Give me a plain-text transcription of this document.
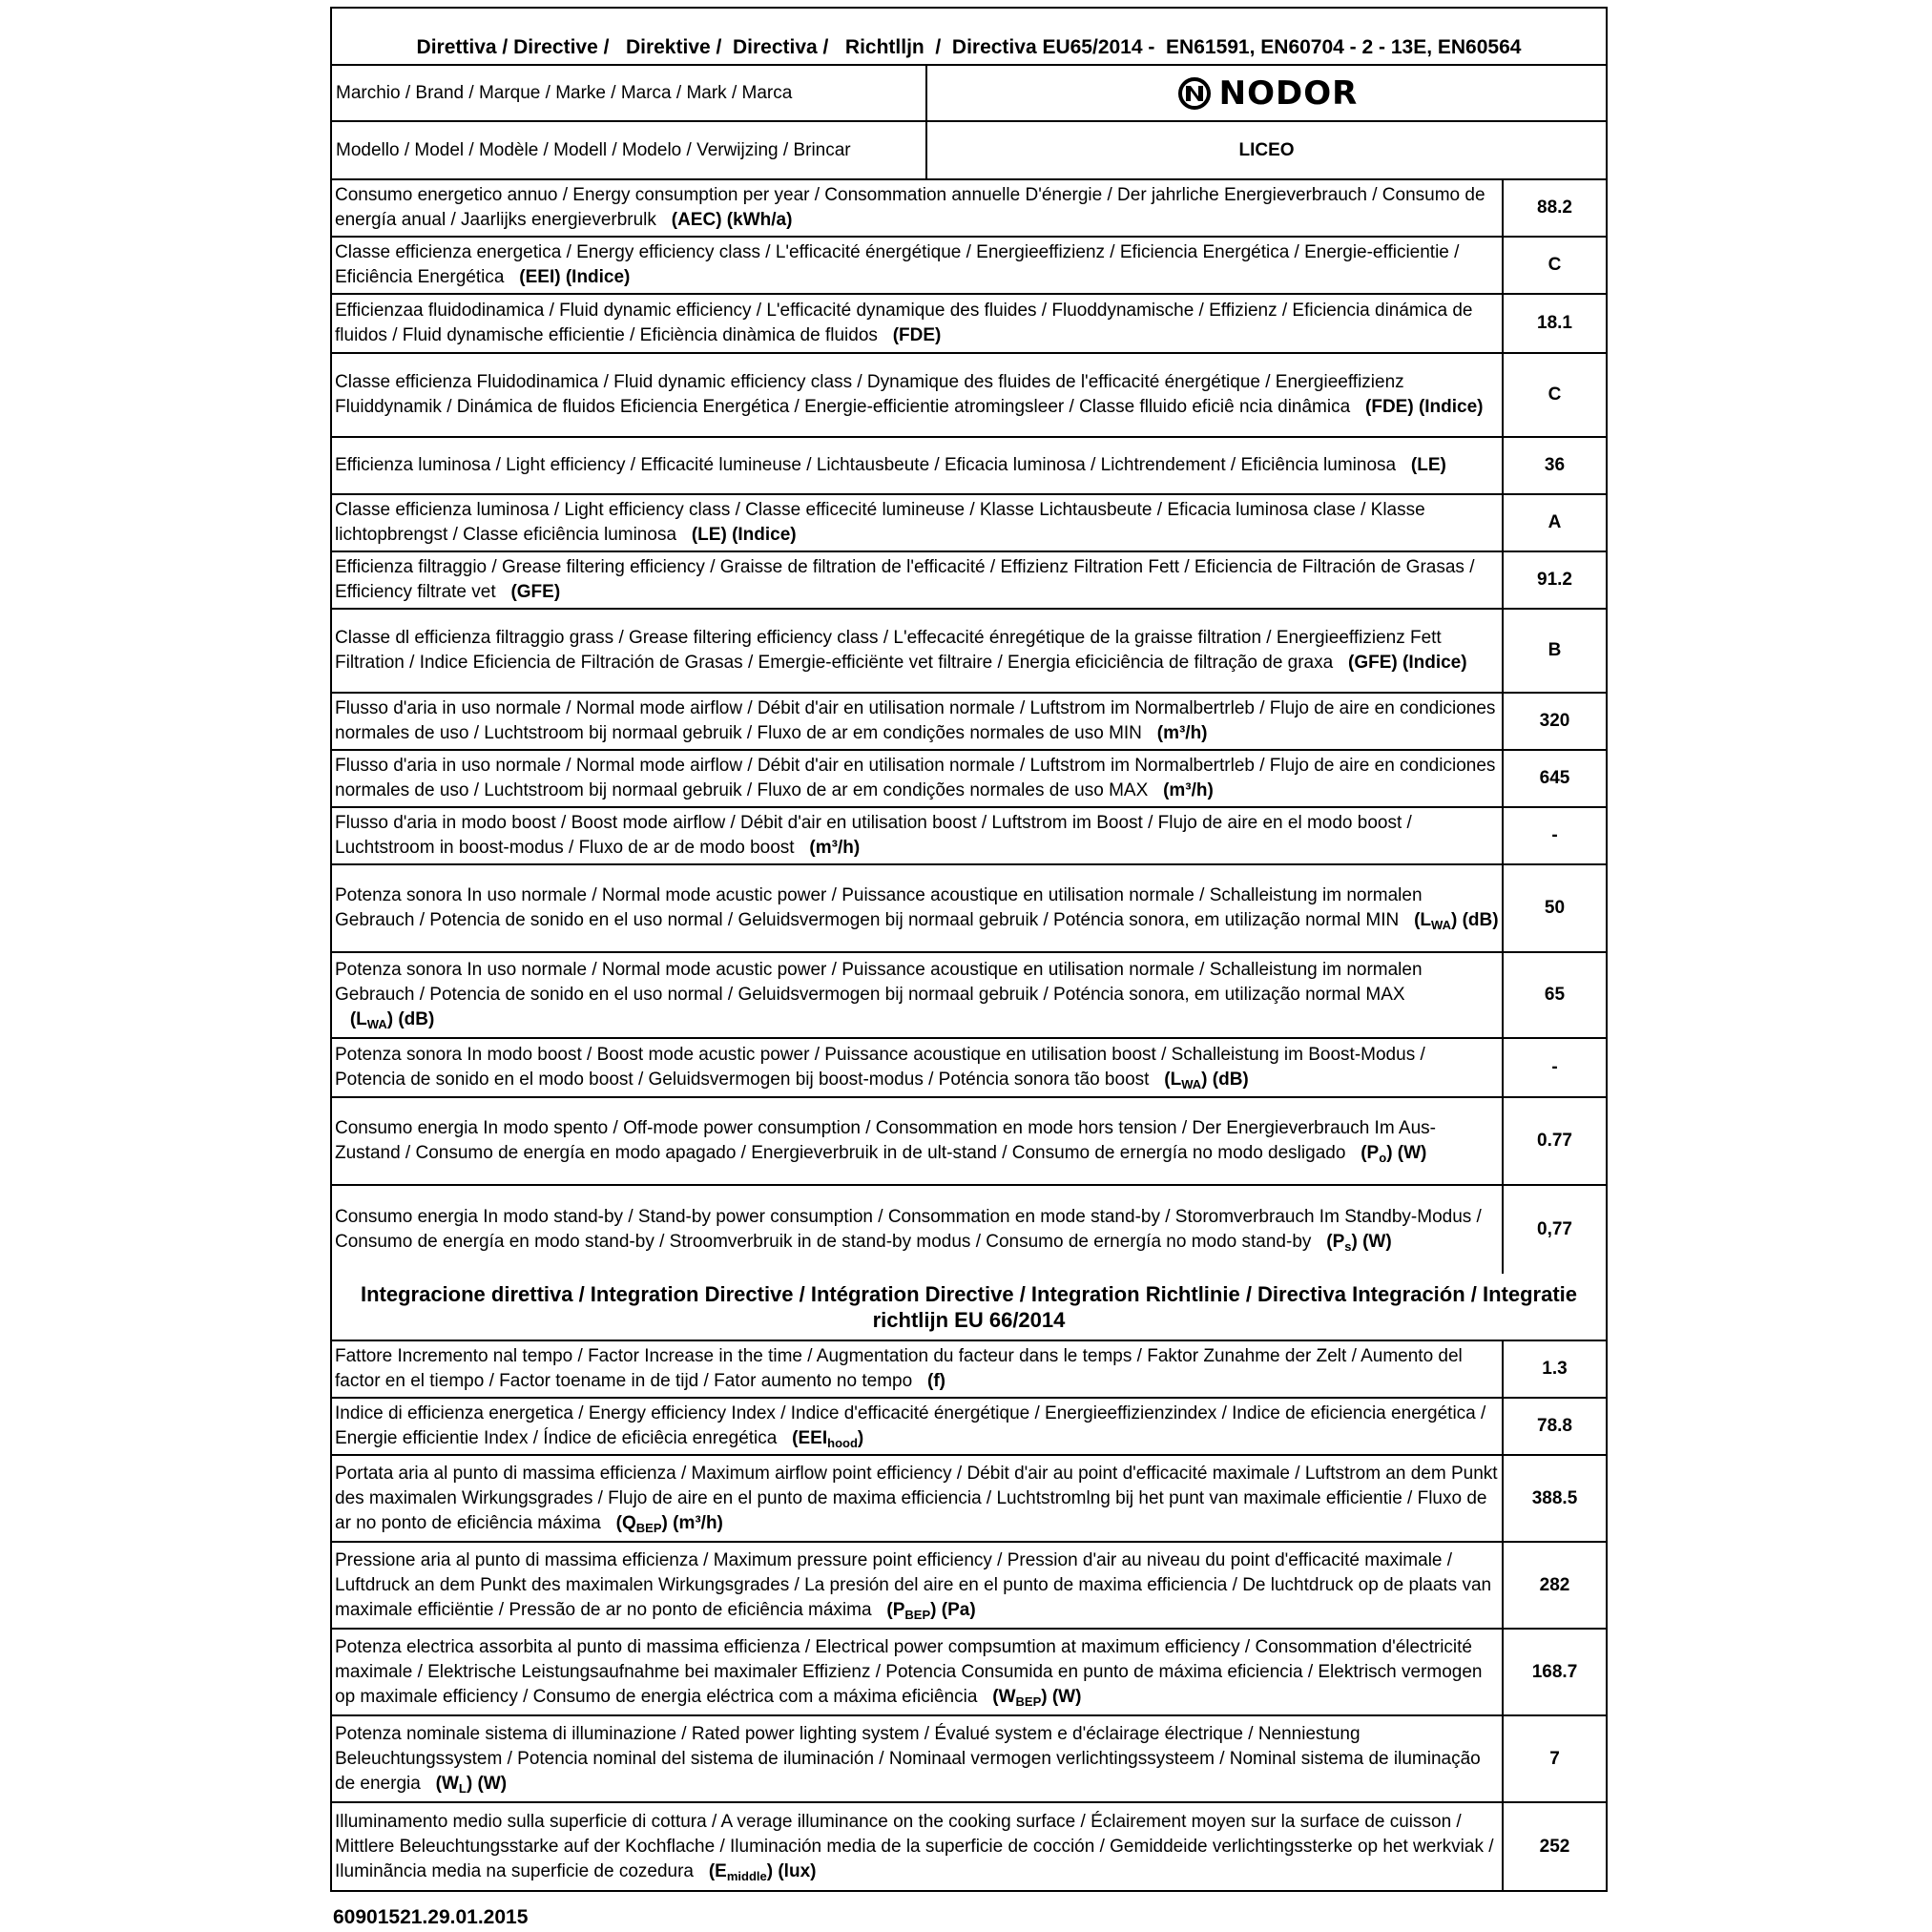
Direttiva / Directive /   Direktive /  Directiva /   Richtllјn  /  Directiva EU65/2014 -  EN61591, EN60704 - 2 - 13E, EN60564
Marchio / Brand / Marque / Marke / Marca / Mark / Marca	NODOR
Modello / Model / Modèle / Modell / Modelo / Verwijzing / Brincar	LICEO
Consumo energetico annuo / Energy consumption per year / Consommation annuelle D'énergie / Der jahrliche Energieverbrauch / Consumo de energía anual / Jaarlijks energieverbrulk   (AEC) (kWh/a)
88.2
Classe efficienza energetica / Energy efficiency class / L'efficacité énergétique / Energieeffizienz / Eficiencia Energética / Energie-efficientie / Eficiência Energética   (EEI) (Indice)
C
Efficienzaa fluidodinamica / Fluid dynamic efficiency / L'efficacité dynamique des fluides / Fluoddynamische / Effizienz / Eficiencia dinámica de fluidos / Fluid dynamische efficientie / Eficiència dinàmica de fluidos   (FDE)
18.1
Classe efficienza Fluidodinamica / Fluid dynamic efficiency class / Dynamique des fluides de l'efficacité énergétique / Energieeffizienz Fluiddynamik / Dinámica de fluidos Eficiencia Energética / Energie-efficientie atromingsleer / Classe flluido eficiê ncia dinâmica   (FDE) (Indice)
C
Efficienza luminosa / Light efficiency / Efficacité lumineuse / Lichtausbeute / Eficacia luminosa / Lichtrendement / Eficiência luminosa   (LE)	36
Classe efficienza luminosa / Light efficiency class / Classe efficecité lumineuse / Klasse Lichtausbeute / Eficacia luminosa clase / Klasse lichtopbrengst / Classe eficiência luminosa   (LE) (Indice)
A
Efficienza filtraggio / Grease filtering efficiency / Graisse de filtration de l'efficacité / Effizienz Filtration Fett / Eficiencia de Filtración de Grasas / Efficiency filtrate vet   (GFE)
91.2
Classe dl efficienza filtraggio grass / Grease filtering efficiency class / L'effecacité énregétique de la graisse filtration / Energieeffizienz Fett Filtration / Indice Eficiencia de Filtración de Grasas / Emergie-efficiënte vet filtraire / Energia eficiciência de filtração de graxa   (GFE) (Indice)
B
Flusso d'aria in uso normale / Normal mode airflow / Débit d'air en utilisation normale / Luftstrom im Normalbertrleb / Flujo de aire en condiciones normales de uso / Luchtstroom bij normaal gebruik / Fluxo de ar em condições normales de uso MIN   (m³/h)
320
Flusso d'aria in uso normale / Normal mode airflow / Débit d'air en utilisation normale / Luftstrom im Normalbertrleb / Flujo de aire en condiciones normales de uso / Luchtstroom bij normaal gebruik / Fluxo de ar em condições normales de uso MAX   (m³/h)
645
Flusso d'aria in modo boost / Boost mode airflow / Débit d'air en utilisation boost / Luftstrom im Boost / Flujo de aire en el modo boost / Luchtstroom in boost-modus / Fluxo de ar de modo boost   (m³/h)
-
Potenza sonora In uso normale / Normal mode acustic power / Puissance acoustique en utilisation normale / Schalleistung im normalen Gebrauch / Potencia de sonido en el uso normal / Geluidsvermogen bij normaal gebruik / Poténcia sonora, em utilização normal MIN   $(L_{WA})$ (dB)
50
Potenza sonora In uso normale / Normal mode acustic power / Puissance acoustique en utilisation normale / Schalleistung im normalen Gebrauch / Potencia de sonido en el uso normal / Geluidsvermogen bij normaal gebruik / Poténcia sonora, em utilização normal MAX   $(L_{WA})$ (dB)
65
Potenza sonora In modo boost / Boost mode acustic power / Puissance acoustique en utilisation boost / Schalleistung im Boost-Modus / Potencia de sonido en el modo boost / Geluidsvermogen bij boost-modus / Poténcia sonora tão boost   $(L_{WA})$ (dB)
-
Consumo energia In modo spento / Off-mode power consumption / Consommation en mode hors tension / Der Energieverbrauch Im Aus-Zustand / Consumo de energía en modo apagado / Energieverbruik in de ult-stand / Consumo de ernergía no modo desligado   $(P_o)$ (W)
0.77
Consumo energia In modo stand-by / Stand-by power consumption / Consommation en mode stand-by / Storomverbrauch Im Standby-Modus / Consumo de energía en modo stand-by / Stroomverbruik in de stand-by modus / Consumo de ernergía no modo stand-by   $(P_s)$ (W)
0,77
Integracione direttiva / Integration Directive / Intégration Directive / Integration Richtlinie / Directiva Integración / Integratie richtlijn EU 66/2014
Fattore Incremento nal tempo / Factor Increase in the time / Augmentation du facteur dans le temps / Faktor Zunahme der Zelt / Aumento del factor en el tiempo / Factor toename in de tijd / Fator aumento no tempo   (f)
1.3
Indice di efficienza energetica / Energy efficiency Index / Indice d'efficacité énergétique / Energieeffizienzindex / Indice de eficiencia energética / Energie efficientie Index / Índice de eficiêcia enregética   $(EEI_{hood})$
78.8
Portata aria al punto di massima efficienza / Maximum airflow point efficiency / Débit d'air au point d'efficacité maximale / Luftstrom an dem Punkt des maximalen Wirkungsgrades / Flujo de aire en el punto de maxima efficiencia / Luchtstromlng bij het punt van maximale efficientie / Fluxo de ar no ponto de eficiência máxima   $(Q_{BEP})$ (m³/h)
388.5
Pressione aria al punto di massima efficienza / Maximum pressure point efficiency / Pression d'air au niveau du point d'efficacité maximale / Luftdruck an dem Punkt des maximalen Wirkungsgrades / La presión del aire en el punto de maxima efficiencia / De luchtdruck op de plaats van maximale efficiëntie / Pressão de ar no ponto de eficiência máxima   $(P_{BEP})$ (Pa)
282
Potenza electrica assorbita al punto di massima efficienza / Electrical power compsumtion at maximum efficiency / Consommation d'électricité maximale / Elektrische Leistungsaufnahme bei maximaler Effizienz / Potencia Consumida en punto de máxima eficiencia / Elektrisch vermogen op maximale efficiency / Consumo de energia eléctrica com a máxima eficiência   $(W_{BEP})$ (W)
168.7
Potenza nominale sistema di illuminazione / Rated power lighting system / Évalué system e d'éclairage électrique / Nenniestung Beleuchtungssystem / Potencia nominal del sistema de iluminación / Nominaal vermogen verlichtingssysteem / Nominal sistema de iluminação de energia   $(W_L)$ (W)
7
Illuminamento medio sulla superficie di cottura / A verage illuminance on the cooking surface / Éclairement moyen sur la surface de cuisson / Mittlere Beleuchtungsstarke auf der Kochflache / Iluminación media de la superficie de cocción / Gemiddeide verlichtingssterke op het werkviak / Iluminãncia media na superficie de cozedura   $(E_{middle})$ (lux)
252
60901521.29.01.2015
